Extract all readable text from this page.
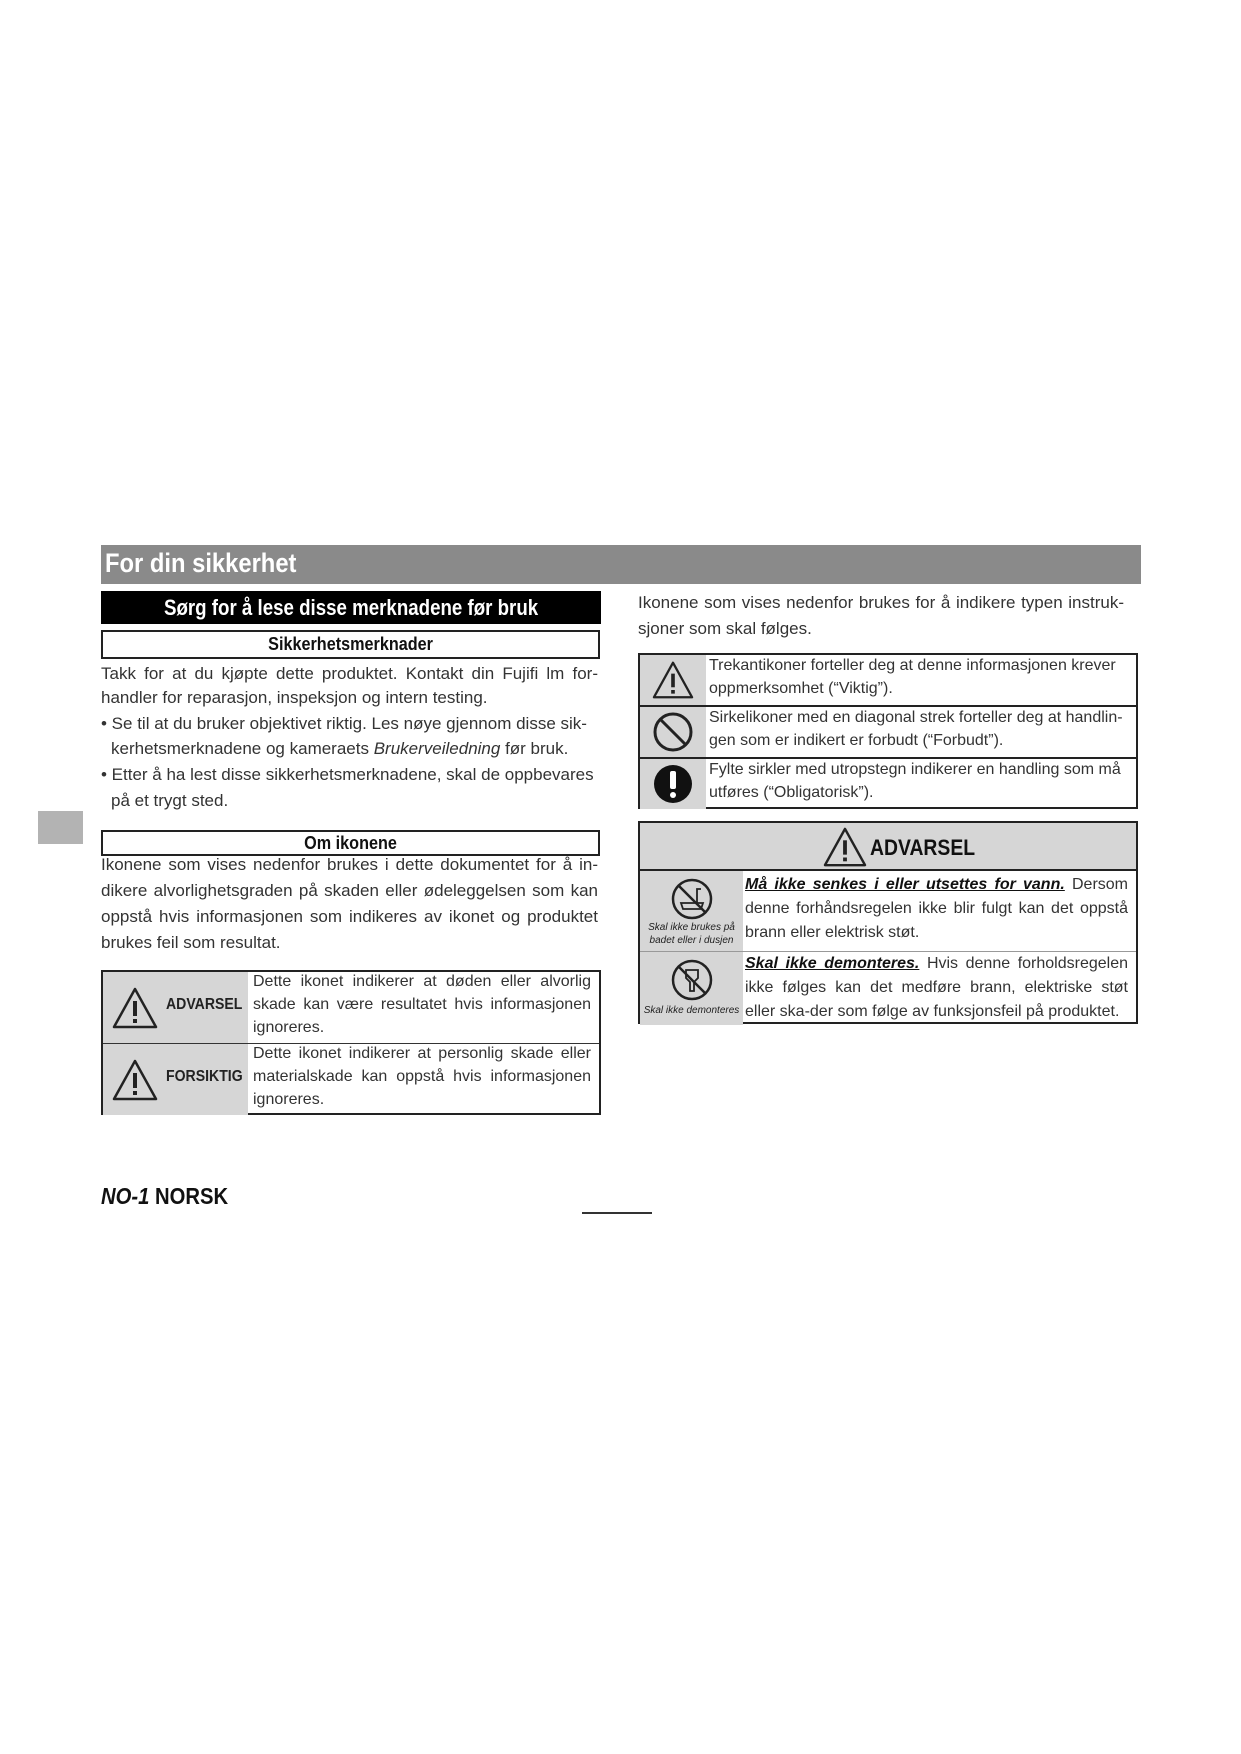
For din sikkerhet
Sørg for å lese disse merknadene før bruk
Sikkerhetsmerknader
Takk for at du kjøpte dette produktet. Kontakt din Fujifi lm for-
handler for reparasjon, inspeksjon og intern testing.
• Se til at du bruker objektivet riktig. Les nøye gjennom disse sik-
kerhetsmerknadene og kameraets Brukerveiledning før bruk.
• Etter å ha lest disse sikkerhetsmerknadene, skal de oppbevares
på et trygt sted.
Om ikonene
Ikonene som vises nedenfor brukes i dette dokumentet for å in-
dikere alvorlighetsgraden på skaden eller ødeleggelsen som kan
oppstå hvis informasjonen som indikeres av ikonet og produktet
brukes feil som resultat.
ADVARSEL
Dette ikonet indikerer at døden eller alvorlig skade kan være resultatet hvis informasjonen ignoreres.
FORSIKTIG
Dette ikonet indikerer at personlig skade eller materialskade kan oppstå hvis informasjonen ignoreres.
Ikonene som vises nedenfor brukes for å indikere typen instruk-
sjoner som skal følges.
Trekantikoner forteller deg at denne informasjonen krever oppmerksomhet (“Viktig”).
Sirkelikoner med en diagonal strek forteller deg at handlin-gen som er indikert er forbudt (“Forbudt”).
Fylte sirkler med utropstegn indikerer en handling som må utføres (“Obligatorisk”).
ADVARSEL
Skal ikke brukes på
badet eller i dusjen
Må ikke senkes i eller utsettes for vann. Dersom denne forhåndsregelen ikke blir fulgt kan det oppstå brann eller elektrisk støt.
Skal ikke demonteres
Skal ikke demonteres. Hvis denne forholdsregelen ikke følges kan det medføre brann, elektriske støt eller ska-der som følge av funksjonsfeil på produktet.
NO-1 NORSK
